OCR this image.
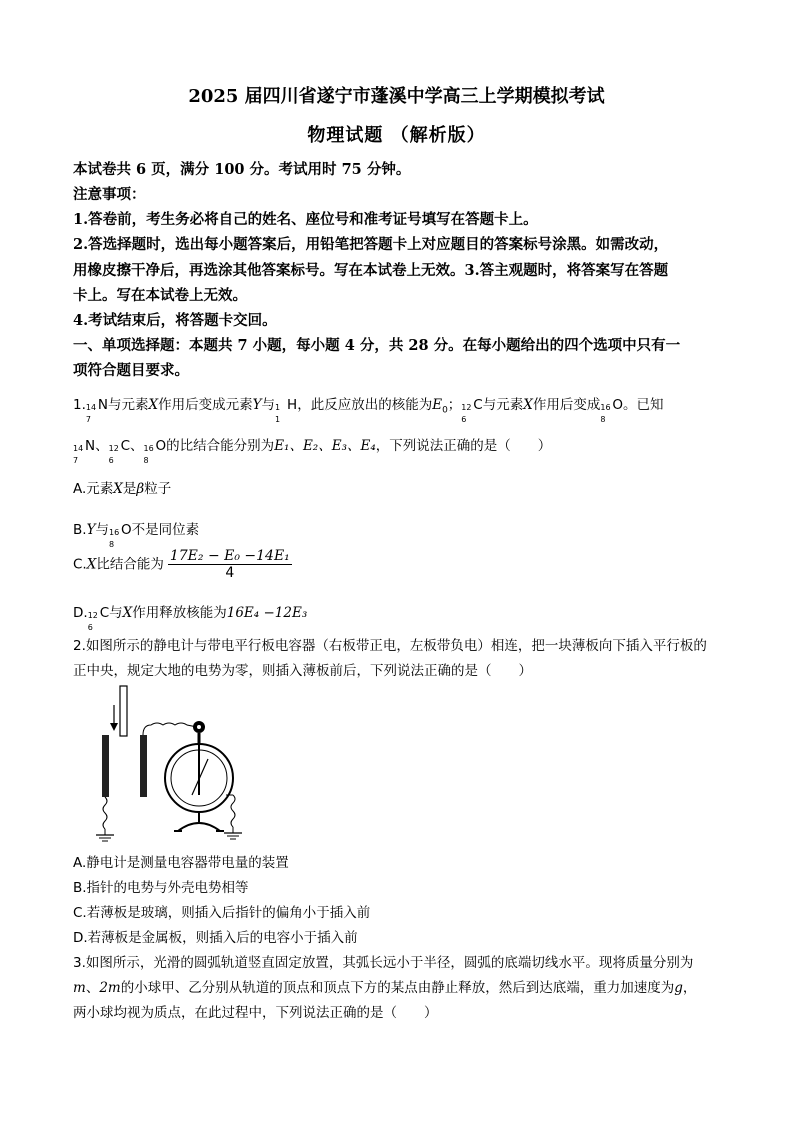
2025 届四川省遂宁市蓬溪中学高三上学期模拟考试
物理试题 （解析版）
本试卷共 6 页，满分 100 分。考试用时 75 分钟。
注意事项：
1.答卷前，考生务必将自己的姓名、座位号和准考证号填写在答题卡上。
2.答选择题时，选出每小题答案后，用铅笔把答题卡上对应题目的答案标号涂黑。如需改动，
用橡皮擦干净后，再选涂其他答案标号。写在本试卷上无效。3.答主观题时，将答案写在答题
卡上。写在本试卷上无效。
4.考试结束后，将答题卡交回。
一、单项选择题：本题共 7 小题，每小题 4 分，共 28 分。在每小题给出的四个选项中只有一
项符合题目要求。
1. 14
7
N与元素X作用后变成元素Y与 1
1
H，此反应放出的核能为$E_0$； 12
6
C与元素X作用后变成 16
8
O。已知
14
7
N、 12
6
C、 16
8
O的比结合能分别为E₁、E₂、E₃、E₄，下列说法正确的是（　　）
A.元素X是β粒子
B.Y与 16
8
O不是同位素
C.X比结合能为 $\frac{\text{17E₂ − E₀ −14E₁}}{4}$
D. 12
6
C与X作用释放核能为16E₄ −12E₃
2.如图所示的静电计与带电平行板电容器（右板带正电，左板带负电）相连，把一块薄板向下插入平行板的
正中央，规定大地的电势为零，则插入薄板前后，下列说法正确的是（　　）
A.静电计是测量电容器带电量的装置
B.指针的电势与外壳电势相等
C.若薄板是玻璃，则插入后指针的偏角小于插入前
D.若薄板是金属板，则插入后的电容小于插入前
3.如图所示，光滑的圆弧轨道竖直固定放置，其弧长远小于半径，圆弧的底端切线水平。现将质量分别为
m、2m的小球甲、乙分别从轨道的顶点和顶点下方的某点由静止释放，然后到达底端，重力加速度为g，
两小球均视为质点，在此过程中，下列说法正确的是（　　）
